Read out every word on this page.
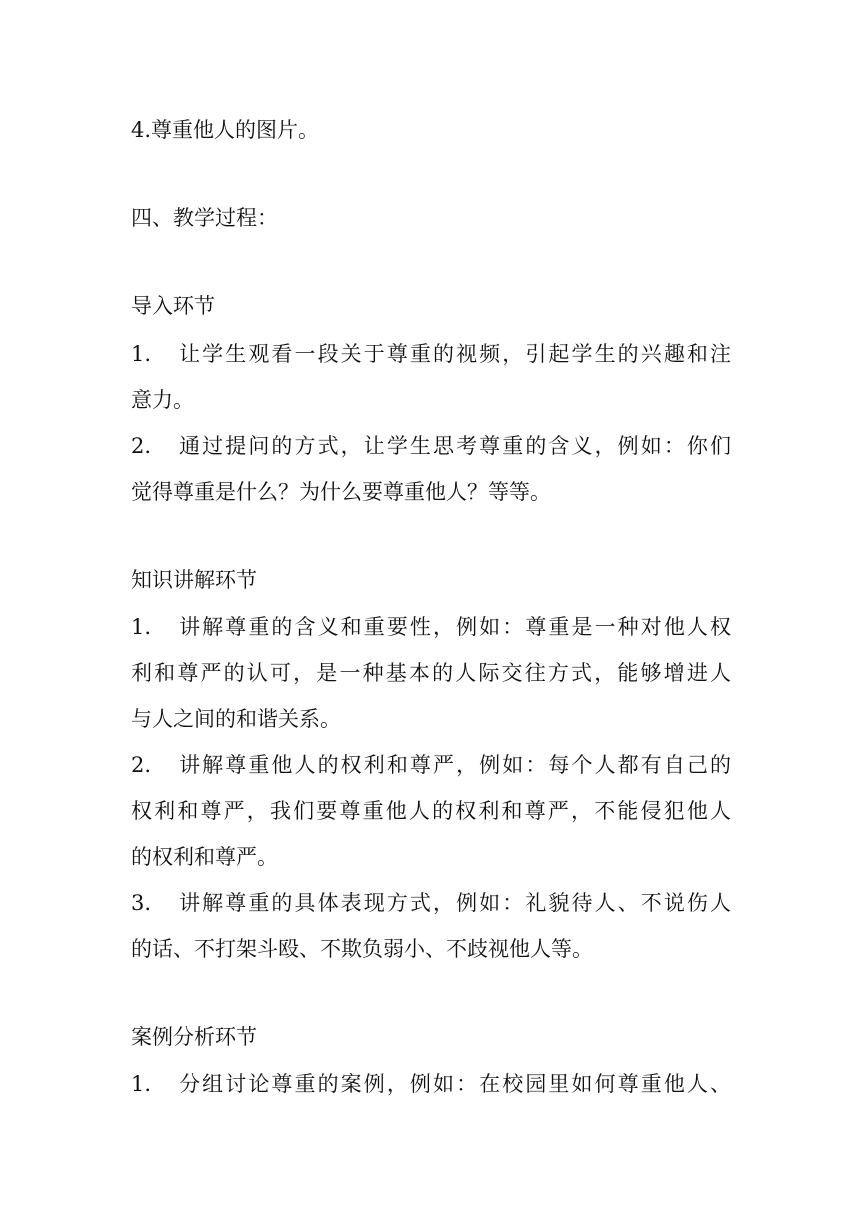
4.尊重他人的图片。
四、教学过程：
导入环节
1. 让学生观看一段关于尊重的视频，引起学生的兴趣和注
意力。
2. 通过提问的方式，让学生思考尊重的含义，例如：你们
觉得尊重是什么？为什么要尊重他人？等等。
知识讲解环节
1. 讲解尊重的含义和重要性，例如：尊重是一种对他人权
利和尊严的认可，是一种基本的人际交往方式，能够增进人
与人之间的和谐关系。
2. 讲解尊重他人的权利和尊严，例如：每个人都有自己的
权利和尊严，我们要尊重他人的权利和尊严，不能侵犯他人
的权利和尊严。
3. 讲解尊重的具体表现方式，例如：礼貌待人、不说伤人
的话、不打架斗殴、不欺负弱小、不歧视他人等。
案例分析环节
1. 分组讨论尊重的案例，例如：在校园里如何尊重他人、
